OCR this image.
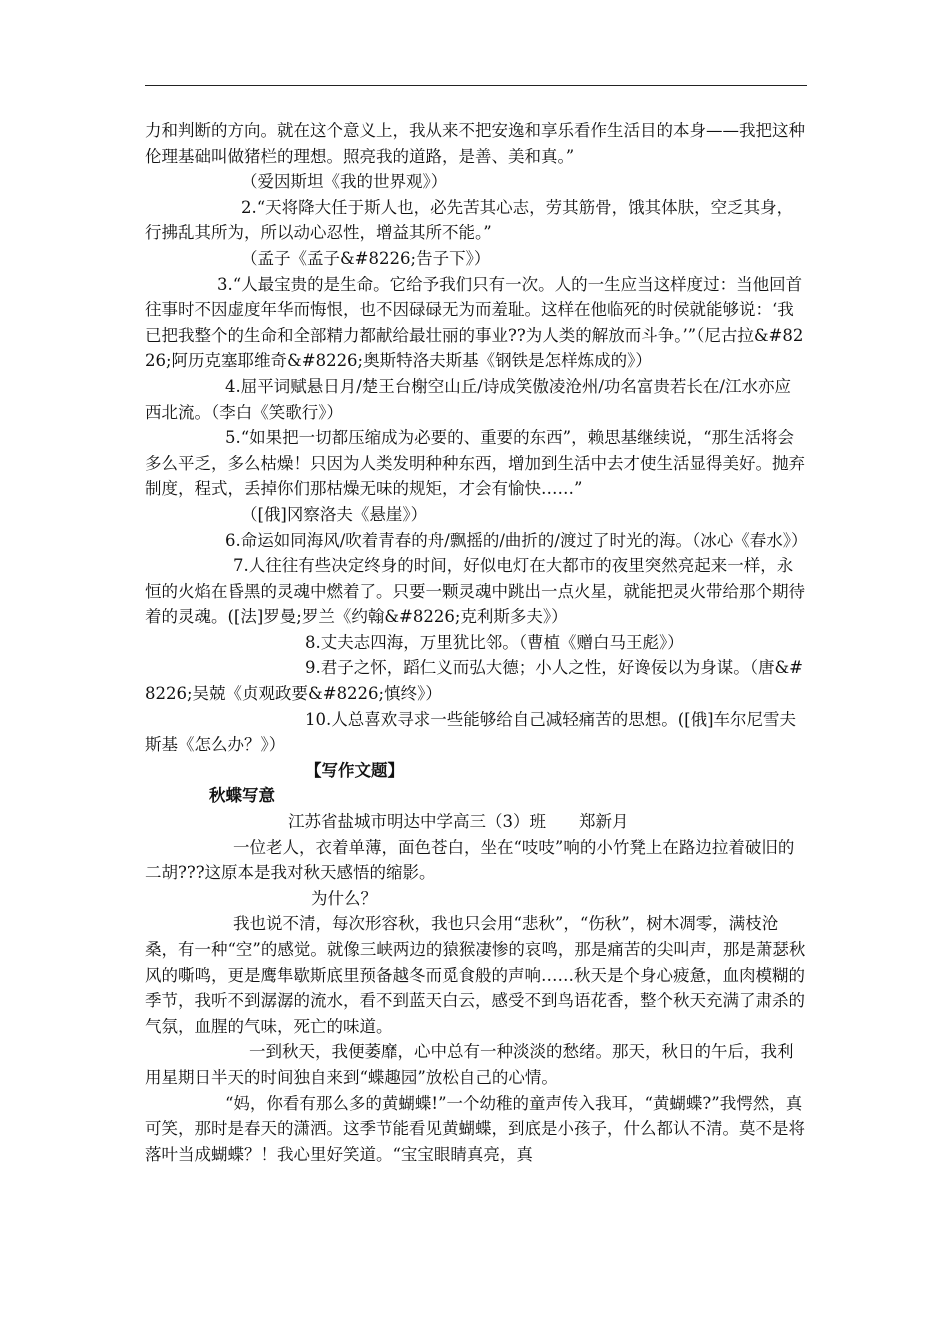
力和判断的方向。就在这个意义上，我从来不把安逸和享乐看作生活目的本身——我把这种伦理基础叫做猪栏的理想。照亮我的道路，是善、美和真。”

（爱因斯坦《我的世界观》）

2.“天将降大任于斯人也，必先苦其心志，劳其筋骨，饿其体肤，空乏其身，行拂乱其所为，所以动心忍性，增益其所不能。”

（孟子《孟子&#8226;告子下》）

3.“人最宝贵的是生命。它给予我们只有一次。人的一生应当这样度过：当他回首往事时不因虚度年华而悔恨，也不因碌碌无为而羞耻。这样在他临死的时侯就能够说：‘我已把我整个的生命和全部精力都献给最壮丽的事业??为人类的解放而斗争。’”（尼古拉&#8226;阿历克塞耶维奇&#8226;奥斯特洛夫斯基《钢铁是怎样炼成的》）

4.屈平词赋悬日月/楚王台榭空山丘/诗成笑傲凌沧州/功名富贵若长在/江水亦应西北流。（李白《笑歌行》）

5.“如果把一切都压缩成为必要的、重要的东西”，赖思基继续说，“那生活将会多么平乏，多么枯燥！只因为人类发明种种东西，增加到生活中去才使生活显得美好。抛弃制度，程式，丢掉你们那枯燥无味的规矩，才会有愉快……”

（[俄]冈察洛夫《悬崖》）

6.命运如同海风/吹着青春的舟/飘摇的/曲折的/渡过了时光的海。（冰心《春水》）

7.人往往有些决定终身的时间，好似电灯在大都市的夜里突然亮起来一样，永恒的火焰在昏黑的灵魂中燃着了。只要一颗灵魂中跳出一点火星，就能把灵火带给那个期待着的灵魂。([法]罗曼;罗兰《约翰&#8226;克利斯多夫》）

8.丈夫志四海，万里犹比邻。（曹植《赠白马王彪》）

9.君子之怀，蹈仁义而弘大德；小人之性，好谗佞以为身谋。（唐&#8226;吴兢《贞观政要&#8226;慎终》）

10.人总喜欢寻求一些能够给自己减轻痛苦的思想。([俄]车尔尼雪夫斯基《怎么办？》）

【写作文题】

秋蝶写意

江苏省盐城市明达中学高三（3）班　　郑新月

一位老人，衣着单薄，面色苍白，坐在“吱吱”响的小竹凳上在路边拉着破旧的二胡???这原本是我对秋天感悟的缩影。

为什么？

我也说不清，每次形容秋，我也只会用“悲秋”，“伤秋”，树木凋零，满枝沧桑，有一种“空”的感觉。就像三峡两边的猿猴凄惨的哀鸣，那是痛苦的尖叫声，那是萧瑟秋风的嘶鸣，更是鹰隼歇斯底里预备越冬而觅食般的声响……秋天是个身心疲惫，血肉模糊的季节，我听不到潺潺的流水，看不到蓝天白云，感受不到鸟语花香，整个秋天充满了肃杀的气氛，血腥的气味，死亡的味道。

一到秋天，我便萎靡，心中总有一种淡淡的愁绪。那天，秋日的午后，我利用星期日半天的时间独自来到“蝶趣园”放松自己的心情。

“妈，你看有那么多的黄蝴蝶!”一个幼稚的童声传入我耳，“黄蝴蝶?”我愕然，真可笑，那时是春天的潇洒。这季节能看见黄蝴蝶，到底是小孩子，什么都认不清。莫不是将落叶当成蝴蝶？！我心里好笑道。“宝宝眼睛真亮，真
